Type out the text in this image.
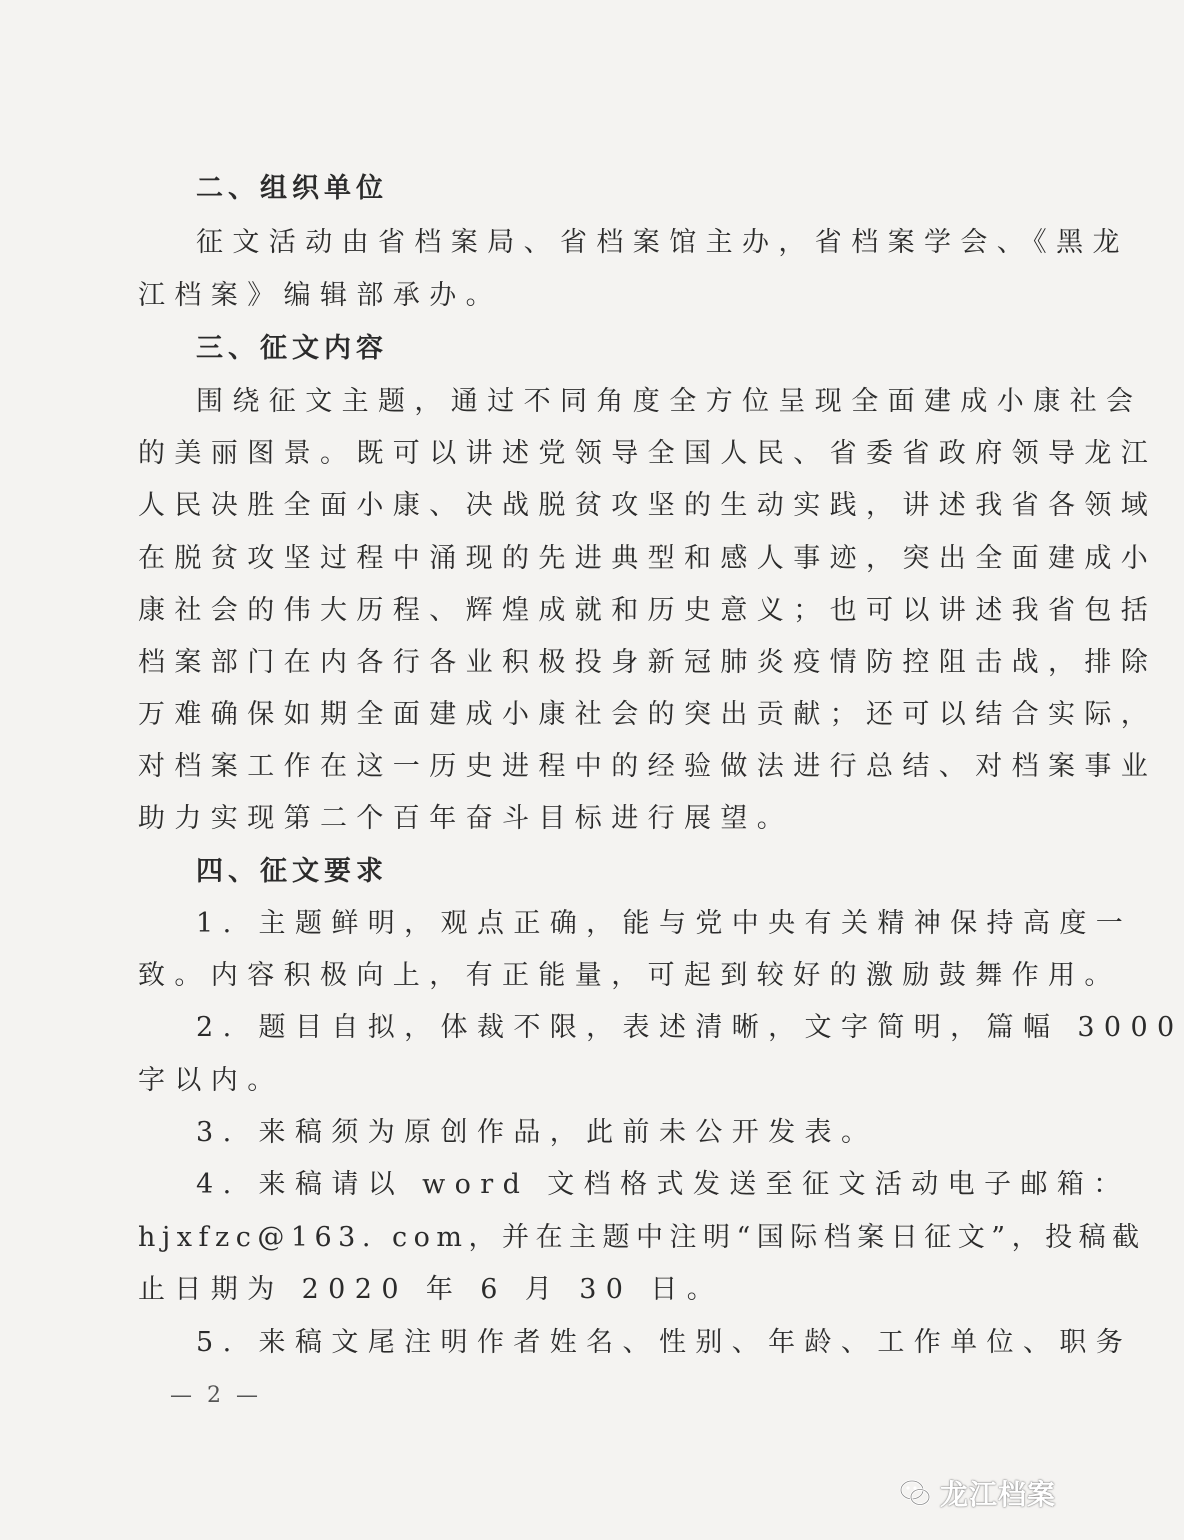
二、组织单位
征文活动由省档案局、省档案馆主办，省档案学会、《黑龙
江档案》编辑部承办。
三、征文内容
围绕征文主题，通过不同角度全方位呈现全面建成小康社会
的美丽图景。既可以讲述党领导全国人民、省委省政府领导龙江
人民决胜全面小康、决战脱贫攻坚的生动实践，讲述我省各领域
在脱贫攻坚过程中涌现的先进典型和感人事迹，突出全面建成小
康社会的伟大历程、辉煌成就和历史意义；也可以讲述我省包括
档案部门在内各行各业积极投身新冠肺炎疫情防控阻击战，排除
万难确保如期全面建成小康社会的突出贡献；还可以结合实际，
对档案工作在这一历史进程中的经验做法进行总结、对档案事业
助力实现第二个百年奋斗目标进行展望。
四、征文要求
1. 主题鲜明，观点正确，能与党中央有关精神保持高度一
致。内容积极向上，有正能量，可起到较好的激励鼓舞作用。
2. 题目自拟，体裁不限，表述清晰，文字简明，篇幅 3000
字以内。
3. 来稿须为原创作品，此前未公开发表。
4. 来稿请以 word 文档格式发送至征文活动电子邮箱：
hjxfzc@163. com，并在主题中注明“国际档案日征文”，投稿截
止日期为 2020 年 6 月 30 日。
5. 来稿文尾注明作者姓名、性别、年龄、工作单位、职务
— 2 —
龙江档案
